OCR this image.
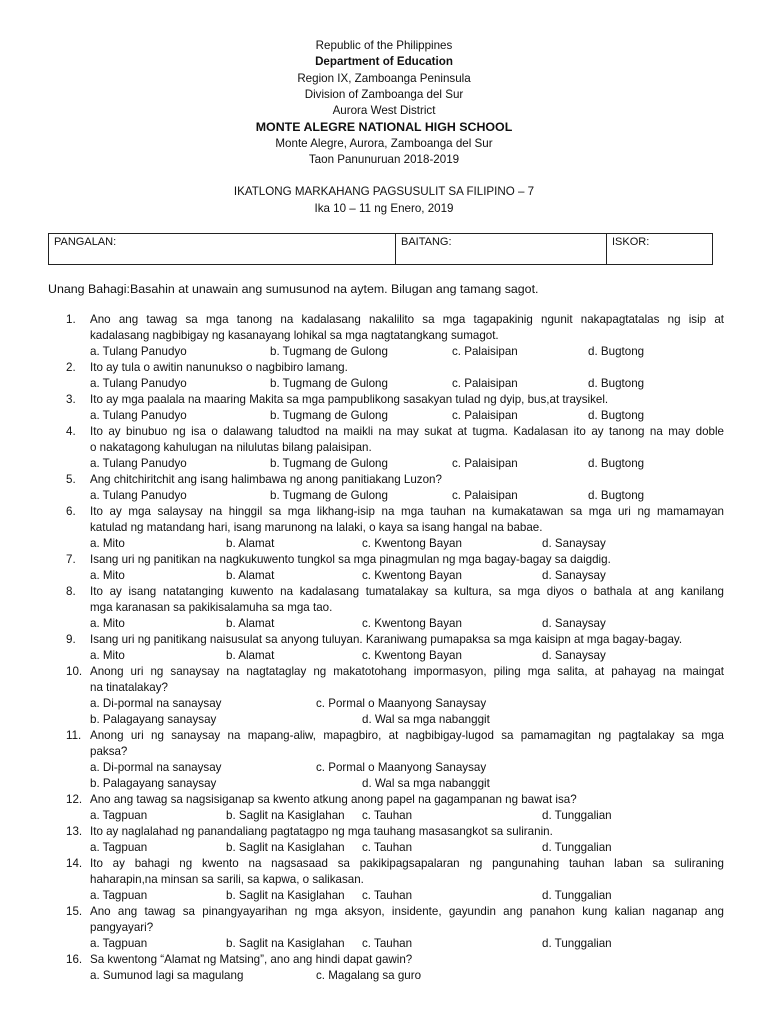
Republic of the Philippines
Department of Education
Region IX, Zamboanga Peninsula
Division of Zamboanga del Sur
Aurora West District
MONTE ALEGRE NATIONAL HIGH SCHOOL
Monte Alegre, Aurora, Zamboanga del Sur
Taon Panunuruan 2018-2019
IKATLONG MARKAHANG PAGSUSULIT SA FILIPINO – 7
Ika 10 – 11 ng Enero, 2019
PANGALAN:	BAITANG:	ISKOR:
Unang Bahagi:Basahin at unawain ang sumusunod na aytem. Bilugan ang tamang sagot.
1.	Ano ang tawag sa mga tanong na kadalasang nakalilito sa mga tagapakinig ngunit nakapagtatalas ng isip at
kadalasang nagbibigay ng kasanayang lohikal sa mga nagtatangkang sumagot.
a. Tulang Panudyo	b. Tugmang de Gulong	c. Palaisipan	d. Bugtong
2.	Ito ay tula o awitin nanunukso o nagbibiro lamang.
a. Tulang Panudyo	b. Tugmang de Gulong	c. Palaisipan	d. Bugtong
3.	Ito ay mga paalala na maaring Makita sa mga pampublikong sasakyan tulad ng dyip, bus,at traysikel.
a. Tulang Panudyo	b. Tugmang de Gulong	c. Palaisipan	d. Bugtong
4.	Ito ay binubuo ng isa o dalawang taludtod na maikli na may sukat at tugma. Kadalasan ito ay tanong na may doble
o nakatagong kahulugan na nilulutas bilang palaisipan.
a. Tulang Panudyo	b. Tugmang de Gulong	c. Palaisipan	d. Bugtong
5.	Ang chitchiritchit ang isang halimbawa ng anong panitiakang Luzon?
a. Tulang Panudyo	b. Tugmang de Gulong	c. Palaisipan	d. Bugtong
6.	Ito ay mga salaysay na hinggil sa mga likhang-isip na mga tauhan na kumakatawan sa mga uri ng mamamayan
katulad ng matandang hari, isang marunong na lalaki, o kaya sa isang hangal na babae.
a. Mito	b. Alamat	c. Kwentong Bayan	d. Sanaysay
7.	Isang uri ng panitikan na nagkukuwento tungkol sa mga pinagmulan ng mga bagay-bagay sa daigdig.
a. Mito	b. Alamat	c. Kwentong Bayan	d. Sanaysay
8.	Ito ay isang natatanging kuwento na kadalasang tumatalakay sa kultura, sa mga diyos o bathala at ang kanilang
mga karanasan sa pakikisalamuha sa mga tao.
a. Mito	b. Alamat	c. Kwentong Bayan	d. Sanaysay
9.	Isang uri ng panitikang naisusulat sa anyong tuluyan. Karaniwang pumapaksa sa mga kaisipn at mga bagay-bagay.
a. Mito	b. Alamat	c. Kwentong Bayan	d. Sanaysay
10. Anong uri ng sanaysay na nagtataglay ng makatotohang impormasyon, piling mga salita, at pahayag na maingat
na tinatalakay?
a. Di-pormal na sanaysay	c. Pormal o Maanyong Sanaysay
b. Palagayang sanaysay	d. Wal sa mga nabanggit
11. Anong uri ng sanaysay na mapang-aliw, mapagbiro, at nagbibigay-lugod sa pamamagitan ng pagtalakay sa mga
paksa?
a. Di-pormal na sanaysay	c. Pormal o Maanyong Sanaysay
b. Palagayang sanaysay	d. Wal sa mga nabanggit
12. Ano ang tawag sa nagsisiganap sa kwento atkung anong papel na gagampanan ng bawat isa?
a. Tagpuan	b. Saglit na Kasiglahan c. Tauhan	d. Tunggalian
13. Ito ay naglalahad ng panandaliang pagtatagpo ng mga tauhang masasangkot sa suliranin.
a. Tagpuan	b. Saglit na Kasiglahan c. Tauhan	d. Tunggalian
14. Ito ay bahagi ng kwento na nagsasaad sa pakikipagsapalaran ng pangunahing tauhan laban sa suliraning
haharapin,na minsan sa sarili, sa kapwa, o salikasan.
a. Tagpuan	b. Saglit na Kasiglahan c. Tauhan	d. Tunggalian
15. Ano ang tawag sa pinangyayarihan ng mga aksyon, insidente, gayundin ang panahon kung kalian naganap ang
pangyayari?
a. Tagpuan	b. Saglit na Kasiglahan c. Tauhan	d. Tunggalian
16. Sa kwentong “Alamat ng Matsing”, ano ang hindi dapat gawin?
a. Sumunod lagi sa magulang	c. Magalang sa guro
